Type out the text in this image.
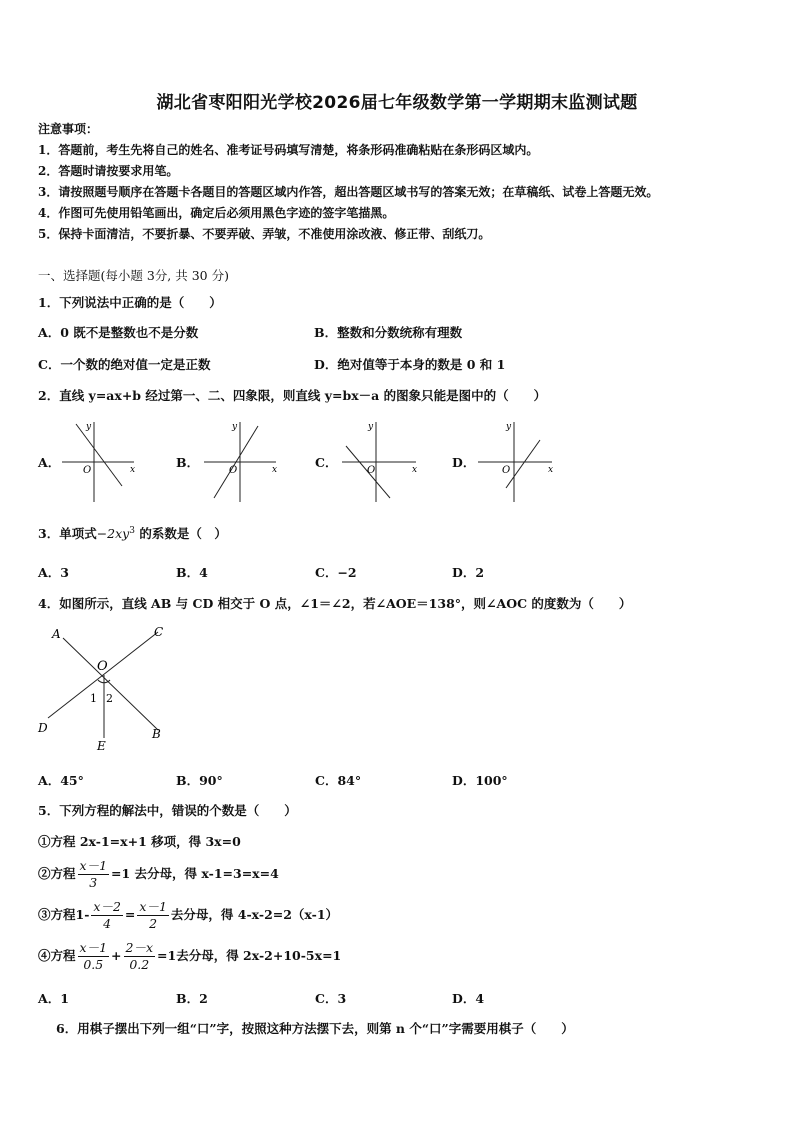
湖北省枣阳阳光学校2026届七年级数学第一学期期末监测试题
注意事项：
1．答题前，考生先将自己的姓名、准考证号码填写清楚，将条形码准确粘贴在条形码区域内。
2．答题时请按要求用笔。
3．请按照题号顺序在答题卡各题目的答题区域内作答，超出答题区域书写的答案无效；在草稿纸、试卷上答题无效。
4．作图可先使用铅笔画出，确定后必须用黑色字迹的签字笔描黑。
5．保持卡面清洁，不要折暴、不要弄破、弄皱，不准使用涂改液、修正带、刮纸刀。
一、选择题(每小题 3分, 共 30 分)
1．下列说法中正确的是（　　）
A．0 既不是整数也不是分数	B．整数和分数统称有理数
C．一个数的绝对值一定是正数	D．绝对值等于本身的数是 0 和 1
2．直线 y=ax+b 经过第一、二、四象限，则直线 y=bx－a 的图象只能是图中的（　　）
A．	x
y
O
B．	x
y
O
C．	x
y
O
D．	x
y
O
3．单项式$-2xy^3$ 的系数是（　）
A．3	B．4	C．−2	D．2
4．如图所示，直线 AB 与 CD 相交于 O 点，∠1＝∠2，若∠AOE＝138°，则∠AOC 的度数为（　　）
A
B
C
D
E
O
1 2
A．45°	B．90°	C．84°	D．100°
5．下列方程的解法中，错误的个数是（　　）
①方程 2x-1=x+1 移项，得 3x=0
②方程 $\frac{x-1}{3} =1$ 去分母，得 x-1=3=x=4
③方程$1- \frac{x-2}{4} = \frac{x-1}{2}$ 去分母，得 4-x-2=2（x-1）
④方程 $\frac{x-1}{0.5} + \frac{2-x}{0.2} =1$去分母，得 2x-2+10-5x=1
A．1	B．2	C．3	D．4
6．用棋子摆出下列一组“口”字，按照这种方法摆下去，则第 n 个“口”字需要用棋子（　　）
